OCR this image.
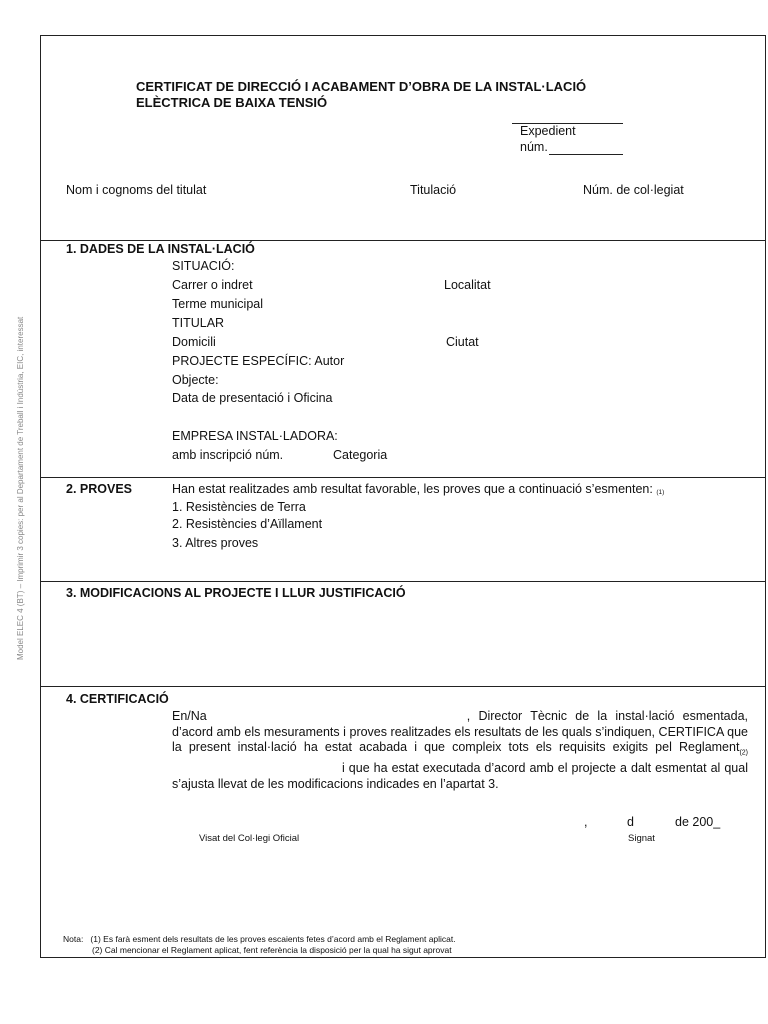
Model ELEC 4 (BT) – Imprimir 3 copies: per al Departament de Treball i Indústria, EIC, interessat
CERTIFICAT DE DIRECCIÓ I ACABAMENT D’OBRA DE LA INSTAL·LACIÓ
ELÈCTRICA DE BAIXA TENSIÓ
Expedient
núm.
Nom i cognoms del titulat	Titulació	Núm. de col·legiat
1. DADES DE LA INSTAL·LACIÓ
SITUACIÓ:
Carrer o indret	Localitat
Terme municipal
TITULAR
Domicili	Ciutat
PROJECTE ESPECÍFIC: Autor
Objecte:
Data de presentació i Oficina
EMPRESA INSTAL·LADORA:
amb inscripció núm.	Categoria
2. PROVES	Han estat realitzades amb resultat favorable, les proves que a continuació s’esmenten: (1)
1. Resistències de Terra
2. Resistències d’Aïllament
3. Altres proves
3. MODIFICACIONS AL PROJECTE I LLUR JUSTIFICACIÓ
4. CERTIFICACIÓ
En/Na	, Director Tècnic de la instal·lació esmentada, d’acord amb els mesuraments i proves realitzades els resultats de les quals s’indiquen, CERTIFICA que la present instal·lació ha estat acabada i que compleix tots els requisits exigits pel Reglament$_{(2)}$i que ha estat executada d’acord amb el projecte a dalt esmentat al qual s’ajusta llevat de les modificacions indicades en l’apartat 3.
,	d	de 200_
Visat del Col·legi Oficial	Signat
Nota: (1) Es farà esment dels resultats de les proves escaients fetes d’acord amb el Reglament aplicat.
(2) Cal mencionar el Reglament aplicat, fent referència la disposició per la qual ha sigut aprovat
